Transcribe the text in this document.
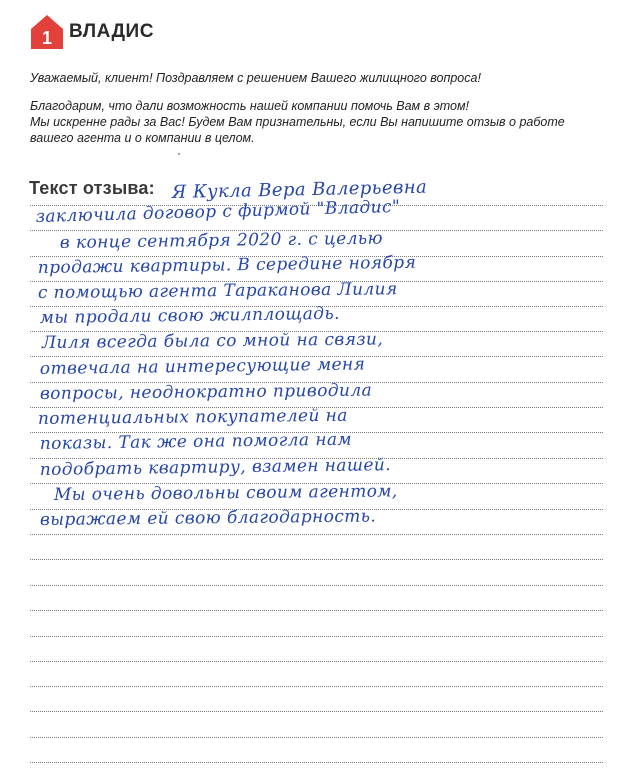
1 ВЛАДИС
Уважаемый, клиент! Поздравляем с решением Вашего жилищного вопроса!
Благодарим, что дали возможность нашей компании помочь Вам в этом!
Мы искренне рады за Вас! Будем Вам признательны, если Вы напишите отзыв о работе
вашего агента и о компании в целом.
Текст отзыва: Я Кукла Вера Валерьевна
заключила договор с фирмой "Владис"
в конце сентября 2020 г. с целью
продажи квартиры. В середине ноября
с помощью агента Тараканова Лилия
мы продали свою жилплощадь.
Лиля всегда была со мной на связи,
отвечала на интересующие меня
вопросы, неоднократно приводила
потенциальных покупателей на
показы. Так же она помогла нам
подобрать квартиру, взамен нашей.
Мы очень довольны своим агентом,
выражаем ей свою благодарность.
